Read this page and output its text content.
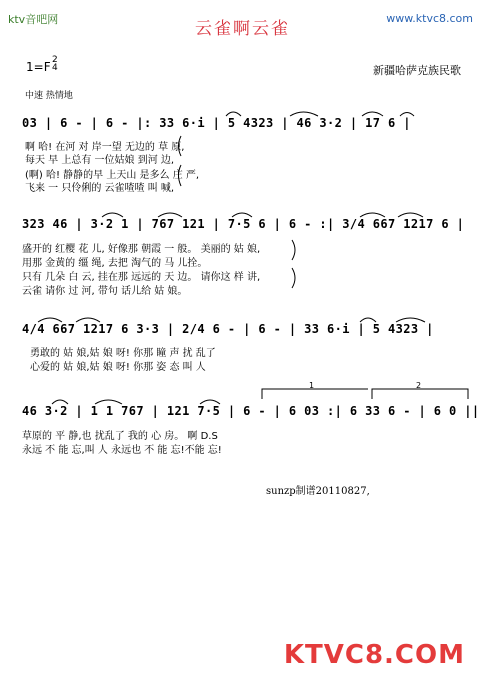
ktv音吧网	云雀啊云雀
www.ktvc8.com
1=F 2
4	新疆哈萨克族民歌
中速 热情地
03 | 6 - | 6 - |: 33 6·i | 5 4323 | 46 3·2 | 17 6 |
啊 哈! 在河 对 岸一望 无边的 草 原,
每天 早 上总有 一位姑娘 到河 边,
(啊) 哈! 静静的早 上天山 是多么 庄 严,
飞来 一 只伶俐的 云雀喳喳 叫 喊,
323 46 | 3·2 1 | 767 121 | 7·5 6 | 6 - :| 3/4 667 1217 6 |
盛开的 红樱 花 儿, 好像那 朝霞 一 般。 美丽的 姑 娘,
用那 金黄的 缰 绳, 去把 淘气的 马 儿拴。
只有 几朵 白 云, 挂在那 远远的 天 边。 请你这 样 讲,
云雀 请你 过 河, 带句 话儿给 姑 娘。
4/4 667 1217 6 3·3 | 2/4 6 - | 6 - | 33 6·i | 5 4323 |
勇敢的 姑 娘,姑 娘 呀! 你那 瞳 声 扰 乱了
心爱的 姑 娘,姑 娘 呀! 你那 姿 态 叫 人
46 3·2 | 1 1 767 | 121 7·5 | 6 - | 6 03 :| 6 33 6 - | 6 0 ||
草原的 平 静,也 扰乱了 我的 心 房。 啊 D.S
永远 不 能 忘,叫 人 永远也 不 能 忘!不能 忘!
1	2
sunzp制谱20110827,
KTVC8.COM
